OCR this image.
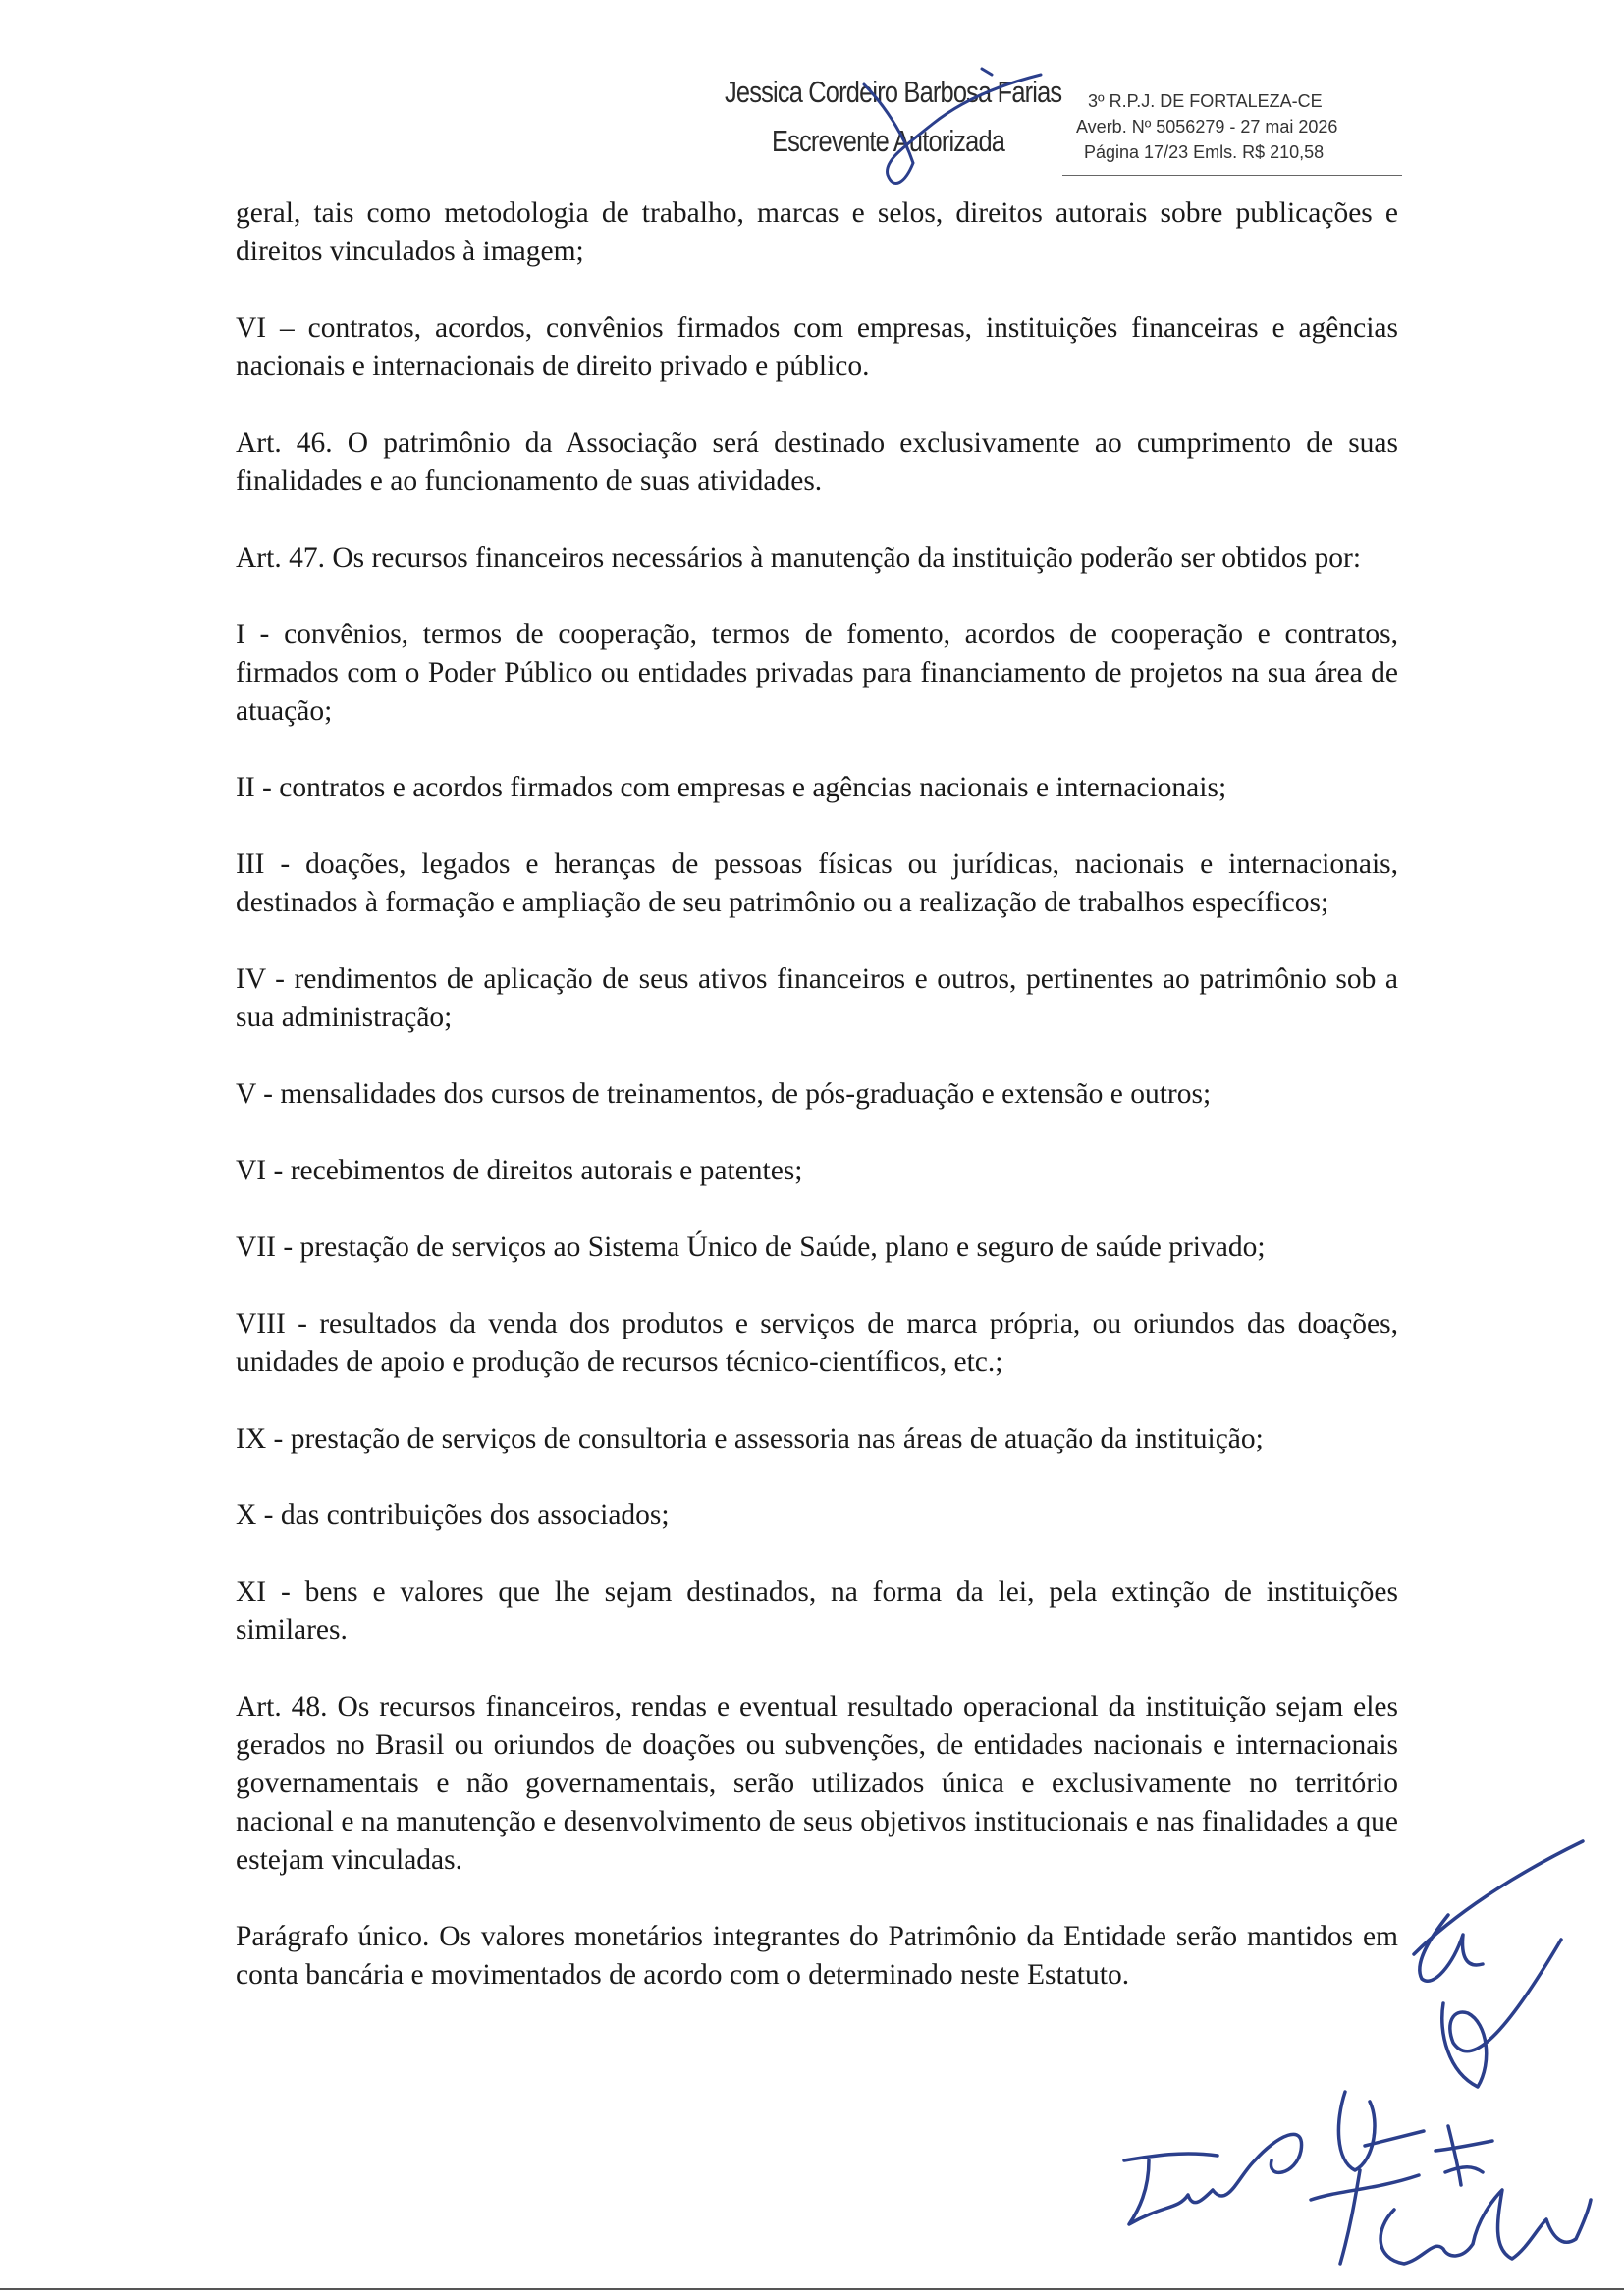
Jessica Cordeiro Barbosa Farias
Escrevente Autorizada
3º R.P.J. DE FORTALEZA-CE
Averb. Nº 5056279 - 27 mai 2026
Página 17/23 Emls. R$ 210,58

geral, tais como metodologia de trabalho, marcas e selos, direitos autorais sobre publicações e direitos vinculados à imagem;

VI – contratos, acordos, convênios firmados com empresas, instituições financeiras e agências nacionais e internacionais de direito privado e público.

Art. 46. O patrimônio da Associação será destinado exclusivamente ao cumprimento de suas finalidades e ao funcionamento de suas atividades.

Art. 47. Os recursos financeiros necessários à manutenção da instituição poderão ser obtidos por:

I - convênios, termos de cooperação, termos de fomento, acordos de cooperação e contratos, firmados com o Poder Público ou entidades privadas para financiamento de projetos na sua área de atuação;

II - contratos e acordos firmados com empresas e agências nacionais e internacionais;

III - doações, legados e heranças de pessoas físicas ou jurídicas, nacionais e internacionais, destinados à formação e ampliação de seu patrimônio ou a realização de trabalhos específicos;

IV - rendimentos de aplicação de seus ativos financeiros e outros, pertinentes ao patrimônio sob a sua administração;

V - mensalidades dos cursos de treinamentos, de pós-graduação e extensão e outros;

VI - recebimentos de direitos autorais e patentes;

VII - prestação de serviços ao Sistema Único de Saúde, plano e seguro de saúde privado;

VIII - resultados da venda dos produtos e serviços de marca própria, ou oriundos das doações, unidades de apoio e produção de recursos técnico-científicos, etc.;

IX - prestação de serviços de consultoria e assessoria nas áreas de atuação da instituição;

X - das contribuições dos associados;

XI - bens e valores que lhe sejam destinados, na forma da lei, pela extinção de instituições similares.

Art. 48. Os recursos financeiros, rendas e eventual resultado operacional da instituição sejam eles gerados no Brasil ou oriundos de doações ou subvenções, de entidades nacionais e internacionais governamentais e não governamentais, serão utilizados única e exclusivamente no território nacional e na manutenção e desenvolvimento de seus objetivos institucionais e nas finalidades a que estejam vinculadas.

Parágrafo único. Os valores monetários integrantes do Patrimônio da Entidade serão mantidos em conta bancária e movimentados de acordo com o determinado neste Estatuto.
